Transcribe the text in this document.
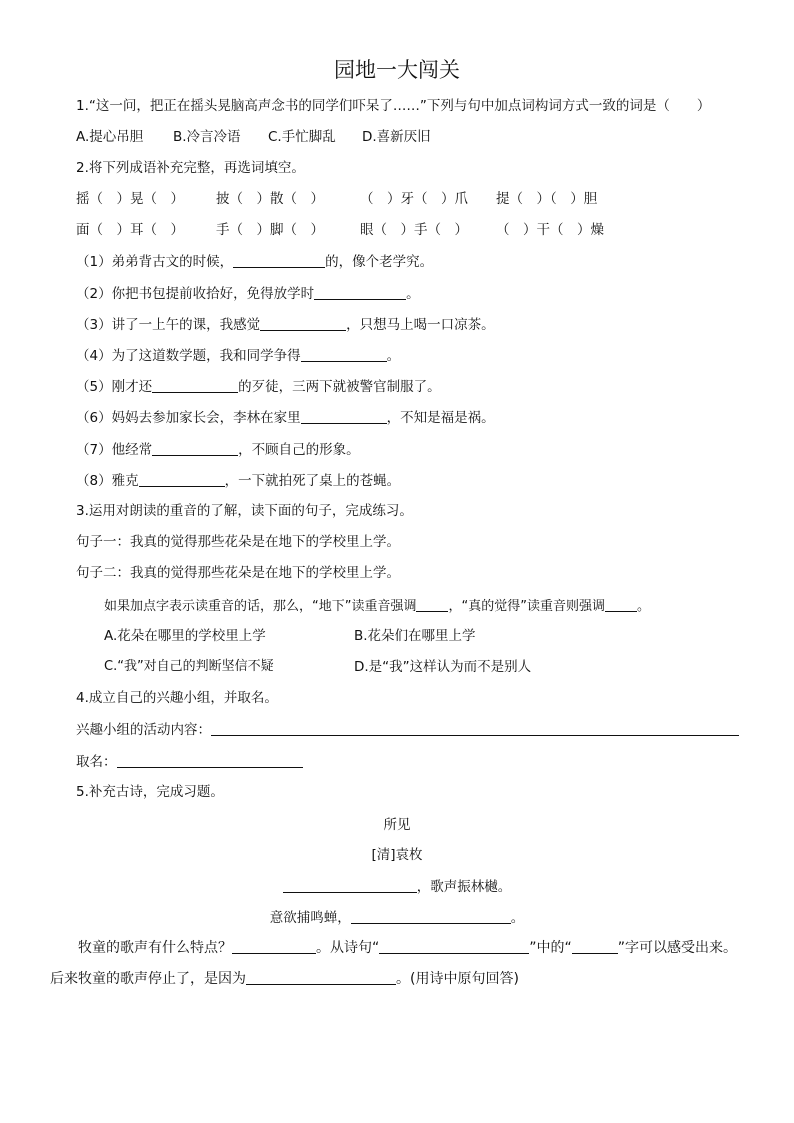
园地一大闯关
1.“这一问，把正在摇头晃脑高声念书的同学们吓呆了……”下列与句中加点词构词方式一致的词是（　　）
A.提心吊胆 B.冷言冷语 C.手忙脚乱 D.喜新厌旧
2.将下列成语补充完整，再选词填空。
摇（　）晃（　） 披（　）散（　）	（　）牙（　）爪 提（　）（　）胆
面（　）耳（　） 手（　）脚（　）	眼（　）手（　） （　）干（　）燥
（1）弟弟背古文的时候，	的，像个老学究。
（2）你把书包提前收拾好，免得放学时	。
（3）讲了一上午的课，我感觉	，只想马上喝一口凉茶。
（4）为了这道数学题，我和同学争得	。
（5）刚才还	的歹徒，三两下就被警官制服了。
（6）妈妈去参加家长会，李林在家里	，不知是福是祸。
（7）他经常	，不顾自己的形象。
（8）雅克	，一下就拍死了桌上的苍蝇。
3.运用对朗读的重音的了解，读下面的句子，完成练习。
句子一：我真的觉得那些花朵是在地下的学校里上学。
句子二：我真的觉得那些花朵是在地下的学校里上学。
如果加点字表示读重音的话，那么，“地下”读重音强调 ，“真的觉得”读重音则强调 。
A.花朵在哪里的学校里上学	B.花朵们在哪里上学
C.“我”对自己的判断坚信不疑	D.是“我”这样认为而不是别人
4.成立自己的兴趣小组，并取名。
兴趣小组的活动内容：
取名：
5.补充古诗，完成习题。
所见
[清]袁枚
，歌声振林樾。
意欲捕鸣蝉，	。
牧童的歌声有什么特点？	。从诗句“	”中的“	”字可以感受出来。后来牧童的歌声停止了，是因为	。(用诗中原句回答)
